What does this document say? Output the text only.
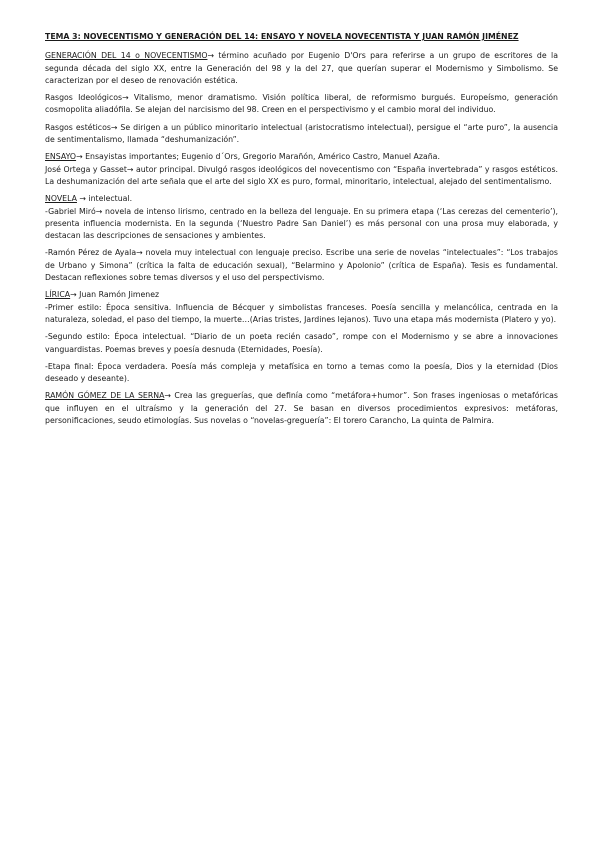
TEMA 3: NOVECENTISMO Y GENERACIÓN DEL 14: ENSAYO Y NOVELA NOVECENTISTA Y JUAN RAMÓN JIMÉNEZ

GENERACIÓN DEL 14 o NOVECENTISMO→ término acuñado por Eugenio D'Ors para referirse a un grupo de escritores de la segunda década del siglo XX, entre la Generación del 98 y la del 27, que querían superar el Modernismo y Simbolismo. Se caracterizan por el deseo de renovación estética.

Rasgos Ideológicos→ Vitalismo, menor dramatismo. Visión política liberal, de reformismo burgués. Europeísmo, generación cosmopolita aliadófila. Se alejan del narcisismo del 98. Creen en el perspectivismo y el cambio moral del individuo.

Rasgos estéticos→ Se dirigen a un público minoritario intelectual (aristocratismo intelectual), persigue el “arte puro”, la ausencia de sentimentalismo, llamada “deshumanización”.

ENSAYO→ Ensayistas importantes; Eugenio d´Ors, Gregorio Marañón, Américo Castro, Manuel Azaña.

José Ortega y Gasset→ autor principal. Divulgó rasgos ideológicos del novecentismo con “España invertebrada” y rasgos estéticos. La deshumanización del arte señala que el arte del siglo XX es puro, formal, minoritario, intelectual, alejado del sentimentalismo.

NOVELA → intelectual.

-Gabriel Miró→ novela de intenso lirismo, centrado en la belleza del lenguaje. En su primera etapa (‘Las cerezas del cementerio’), presenta influencia modernista. En la segunda (‘Nuestro Padre San Daniel’) es más personal con una prosa muy elaborada, y destacan las descripciones de sensaciones y ambientes.

-Ramón Pérez de Ayala→ novela muy intelectual con lenguaje preciso. Escribe una serie de novelas “intelectuales”: “Los trabajos de Urbano y Simona” (crítica la falta de educación sexual), “Belarmino y Apolonio” (crítica de España). Tesis es fundamental. Destacan reflexiones sobre temas diversos y el uso del perspectivismo.

LÍRICA→ Juan Ramón Jimenez

-Primer estilo: Época sensitiva. Influencia de Bécquer y simbolistas franceses. Poesía sencilla y melancólica, centrada en la naturaleza, soledad, el paso del tiempo, la muerte…(Arias tristes, Jardines lejanos). Tuvo una etapa más modernista (Platero y yo).

-Segundo estilo: Época intelectual. “Diario de un poeta recién casado”, rompe con el Modernismo y se abre a innovaciones vanguardistas. Poemas breves y poesía desnuda (Eternidades, Poesía).

-Etapa final: Época verdadera. Poesía más compleja y metafísica en torno a temas como la poesía, Dios y la eternidad (Dios deseado y deseante).

RAMÓN GÓMEZ DE LA SERNA→ Crea las greguerías, que definía como “metáfora+humor”. Son frases ingeniosas o metafóricas que influyen en el ultraísmo y la generación del 27. Se basan en diversos procedimientos expresivos: metáforas, personificaciones, seudo etimologías. Sus novelas o “novelas-greguería”: El torero Carancho, La quinta de Palmira.
